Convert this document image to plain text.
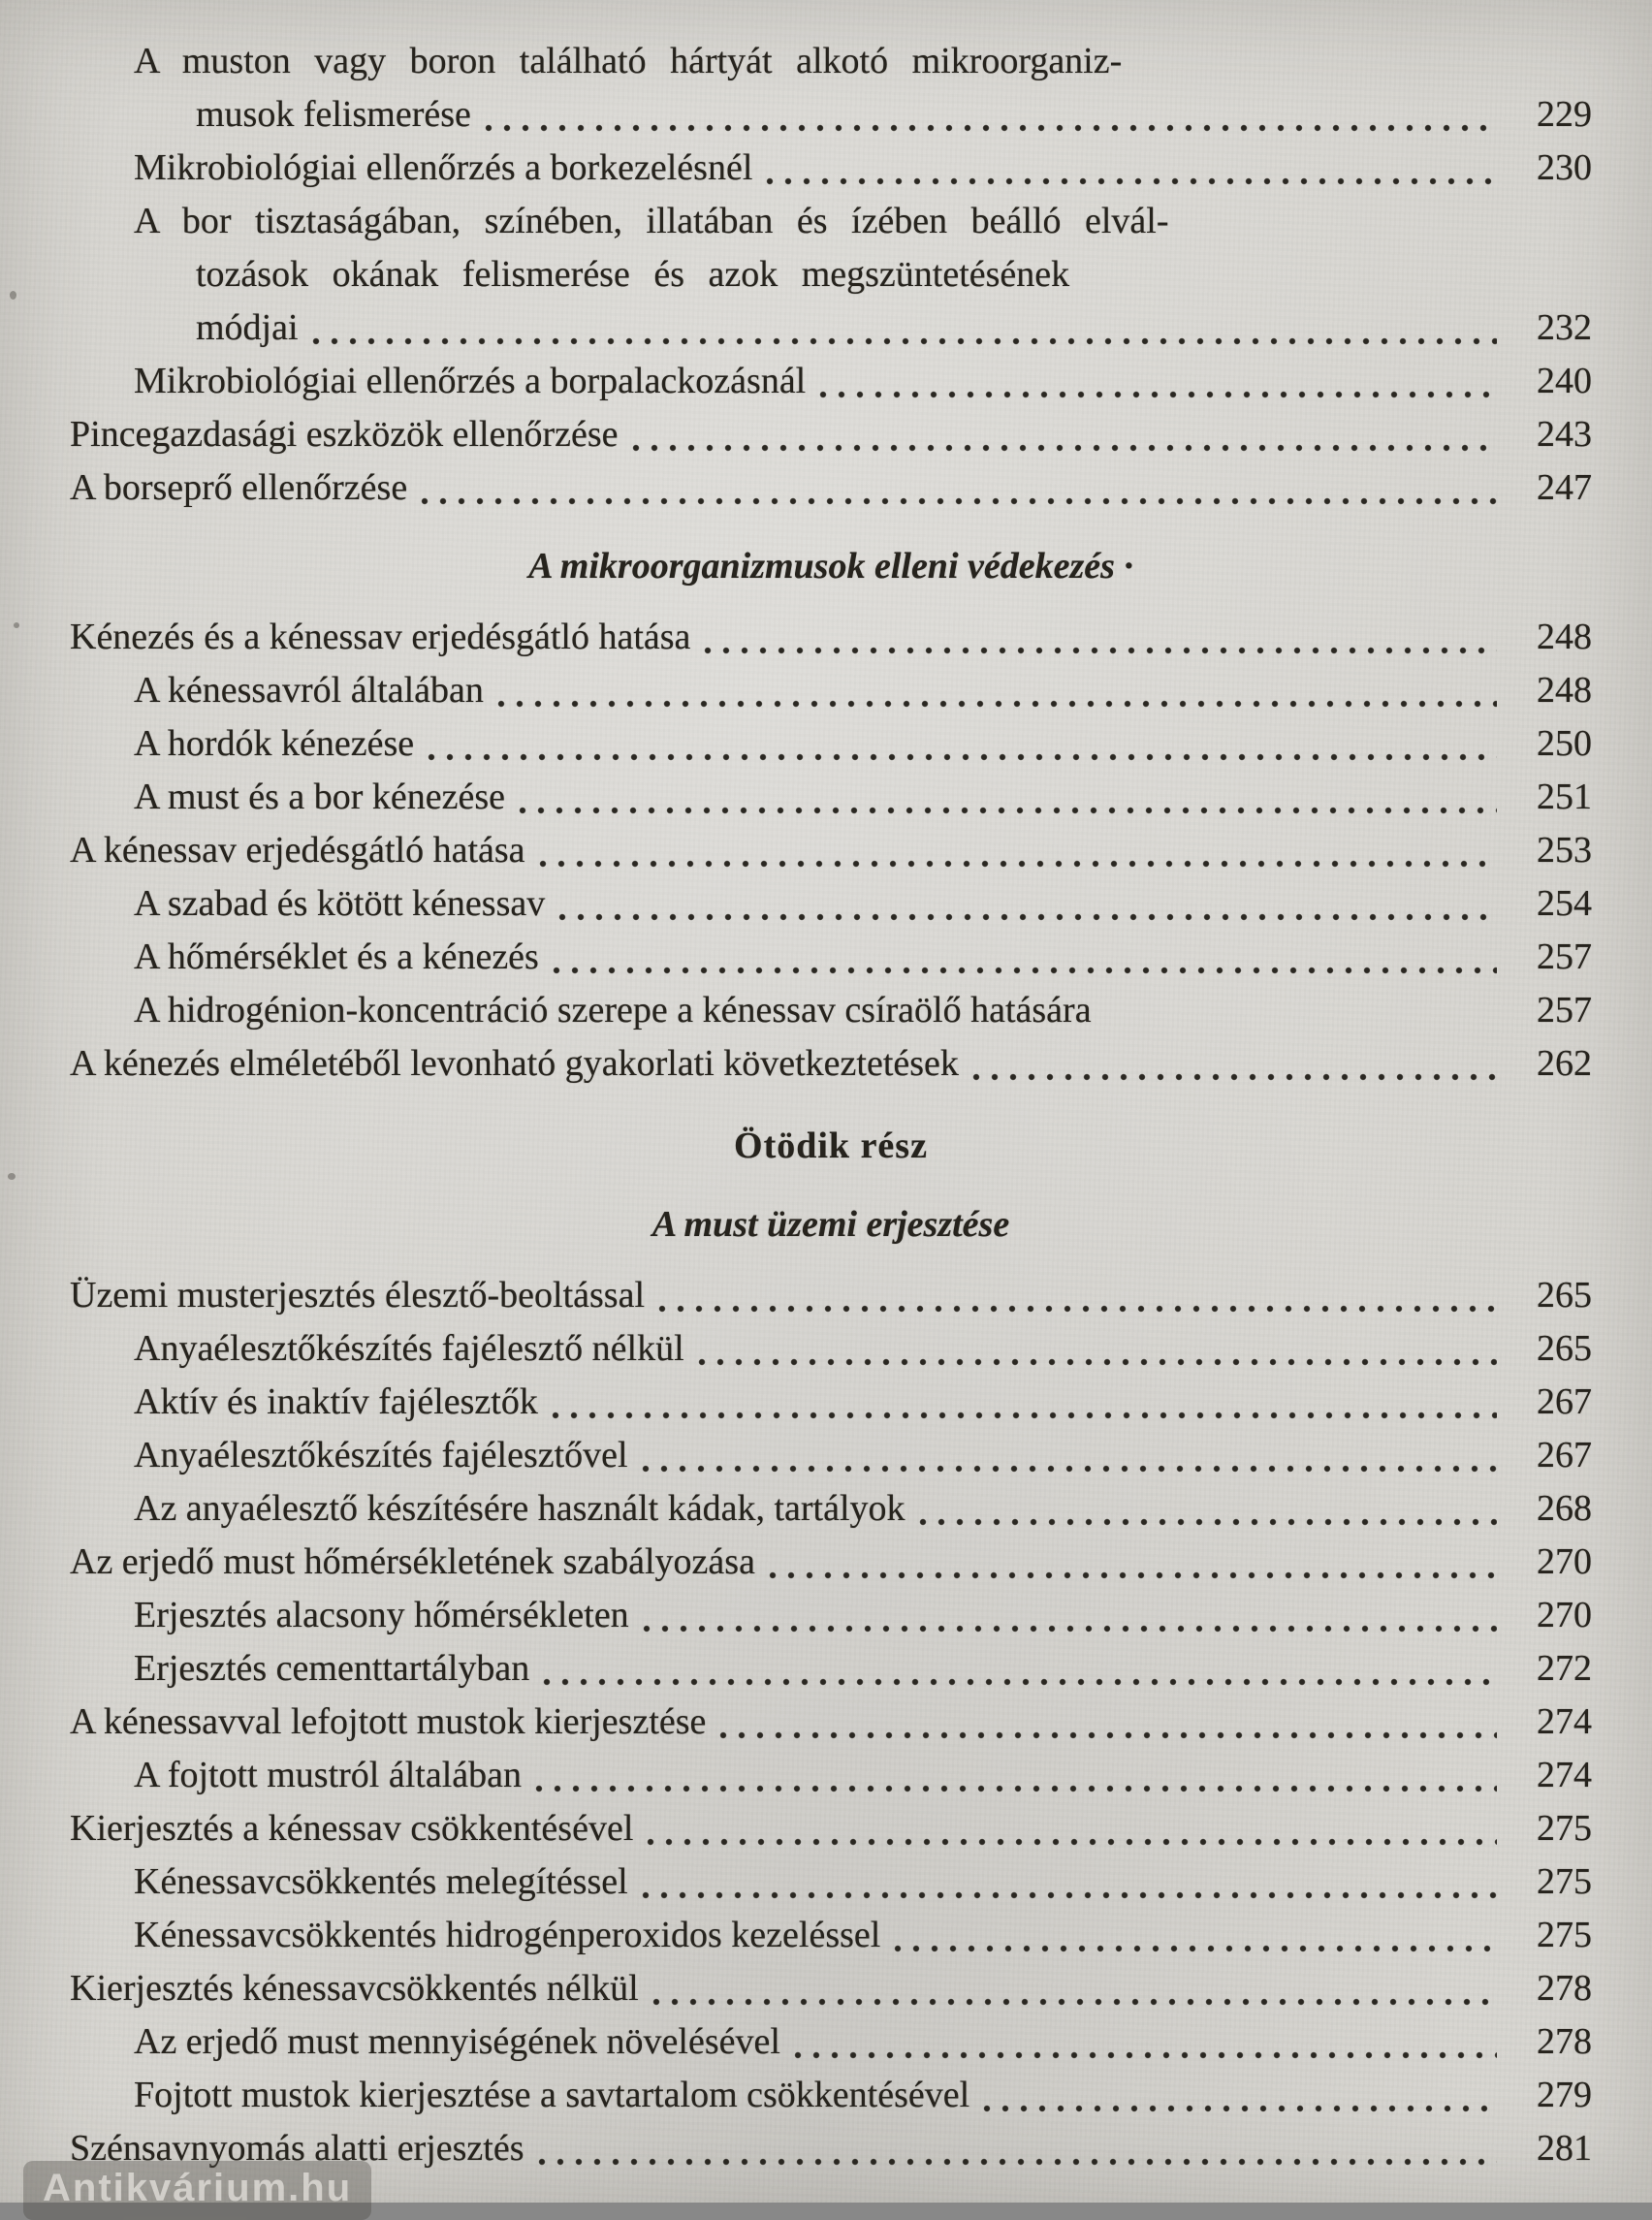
A muston vagy boron található hártyát alkotó mikroorganiz-
musok felismerése	229
Mikrobiológiai ellenőrzés a borkezelésnél	230
A bor tisztaságában, színében, illatában és ízében beálló elvál-
tozások okának felismerése és azok megszüntetésének
módjai	232
Mikrobiológiai ellenőrzés a borpalackozásnál	240
Pincegazdasági eszközök ellenőrzése	243
A borseprő ellenőrzése	247
A mikroorganizmusok elleni védekezés ·
Kénezés és a kénessav erjedésgátló hatása	248
A kénessavról általában	248
A hordók kénezése	250
A must és a bor kénezése	251
A kénessav erjedésgátló hatása	253
A szabad és kötött kénessav	254
A hőmérséklet és a kénezés	257
A hidrogénion-koncentráció szerepe a kénessav csíraölő hatására	257
A kénezés elméletéből levonható gyakorlati következtetések	262
Ötödik rész
A must üzemi erjesztése
Üzemi musterjesztés élesztő-beoltással	265
Anyaélesztőkészítés fajélesztő nélkül	265
Aktív és inaktív fajélesztők	267
Anyaélesztőkészítés fajélesztővel	267
Az anyaélesztő készítésére használt kádak, tartályok	268
Az erjedő must hőmérsékletének szabályozása	270
Erjesztés alacsony hőmérsékleten	270
Erjesztés cementtartályban	272
A kénessavval lefojtott mustok kierjesztése	274
A fojtott mustról általában	274
Kierjesztés a kénessav csökkentésével	275
Kénessavcsökkentés melegítéssel	275
Kénessavcsökkentés hidrogénperoxidos kezeléssel	275
Kierjesztés kénessavcsökkentés nélkül	278
Az erjedő must mennyiségének növelésével	278
Fojtott mustok kierjesztése a savtartalom csökkentésével	279
Szénsavnyomás alatti erjesztés	281
Antikvárium.hu
